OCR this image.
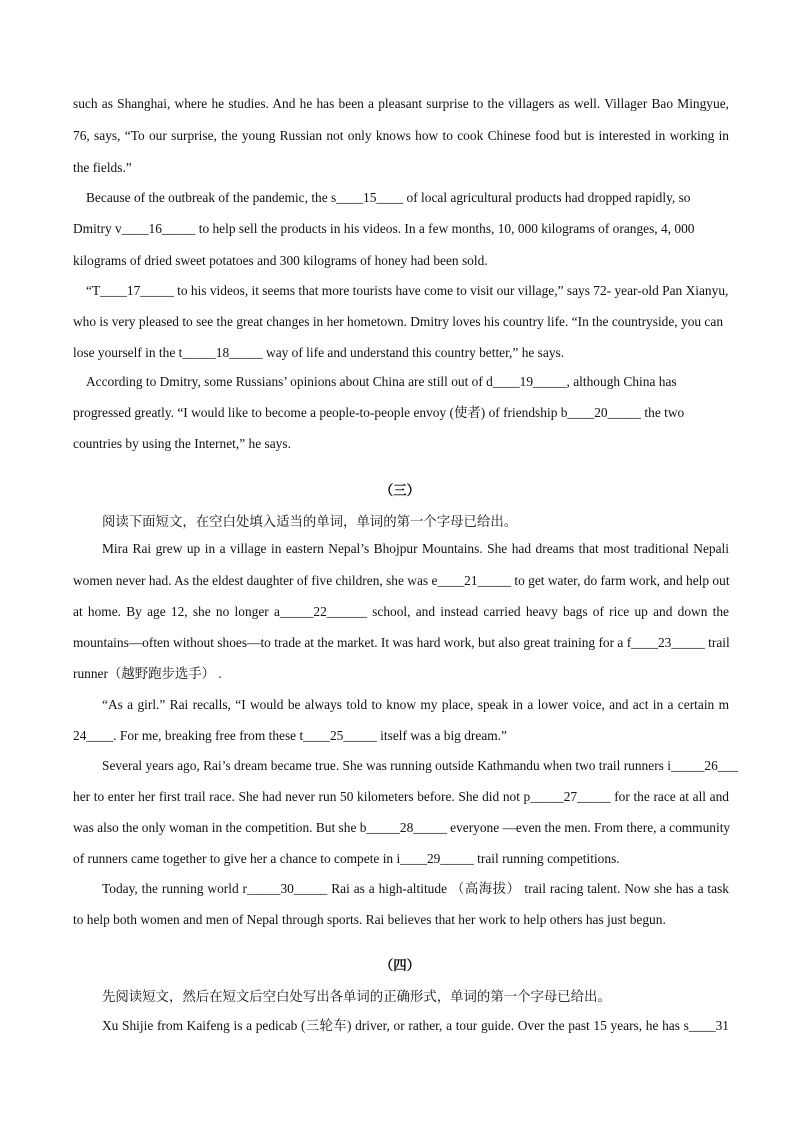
such as Shanghai, where he studies. And he has been a pleasant surprise to the villagers as well. Villager Bao Mingyue,
76, says, “To our surprise, the young Russian not only knows how to cook Chinese food but is interested in working in
the fields.”
Because of the outbreak of the pandemic, the s____15____ of local agricultural products had dropped rapidly, so
Dmitry v____16_____ to help sell the products in his videos. In a few months, 10, 000 kilograms of oranges, 4, 000
kilograms of dried sweet potatoes and 300 kilograms of honey had been sold.
“T____17_____ to his videos, it seems that more tourists have come to visit our village,” says 72- year-old Pan Xianyu,
who is very pleased to see the great changes in her hometown. Dmitry loves his country life. “In the countryside, you can
lose yourself in the t_____18_____ way of life and understand this country better,” he says.
According to Dmitry, some Russians’ opinions about China are still out of d____19_____, although China has
progressed greatly. “I would like to become a people-to-people envoy (使者) of friendship b____20_____ the two
countries by using the Internet,” he says.
（三）
阅读下面短文，在空白处填入适当的单词，单词的第一个字母已给出。
Mira Rai grew up in a village in eastern Nepal’s Bhojpur Mountains. She had dreams that most traditional Nepali
women never had. As the eldest daughter of five children, she was e____21_____ to get water, do farm work, and help out
at home. By age 12, she no longer a_____22______ school, and instead carried heavy bags of rice up and down the
mountains—often without shoes—to trade at the market. It was hard work, but also great training for a f____23_____ trail
runner（越野跑步选手） .
“As a girl.” Rai recalls, “I would be always told to know my place, speak in a lower voice, and act in a certain m
24____. For me, breaking free from these t____25_____ itself was a big dream.”
Several years ago, Rai’s dream became true. She was running outside Kathmandu when two trail runners i_____26___
her to enter her first trail race. She had never run 50 kilometers before. She did not p_____27_____ for the race at all and
was also the only woman in the competition. But she b_____28_____ everyone —even the men. From there, a community
of runners came together to give her a chance to compete in i____29_____ trail running competitions.
Today, the running world r_____30_____ Rai as a high-altitude （高海拔） trail racing talent. Now she has a task
to help both women and men of Nepal through sports. Rai believes that her work to help others has just begun.
（四）
先阅读短文，然后在短文后空白处写出各单词的正确形式，单词的第一个字母已给出。
Xu Shijie from Kaifeng is a pedicab (三轮车) driver, or rather, a tour guide. Over the past 15 years, he has s____31
